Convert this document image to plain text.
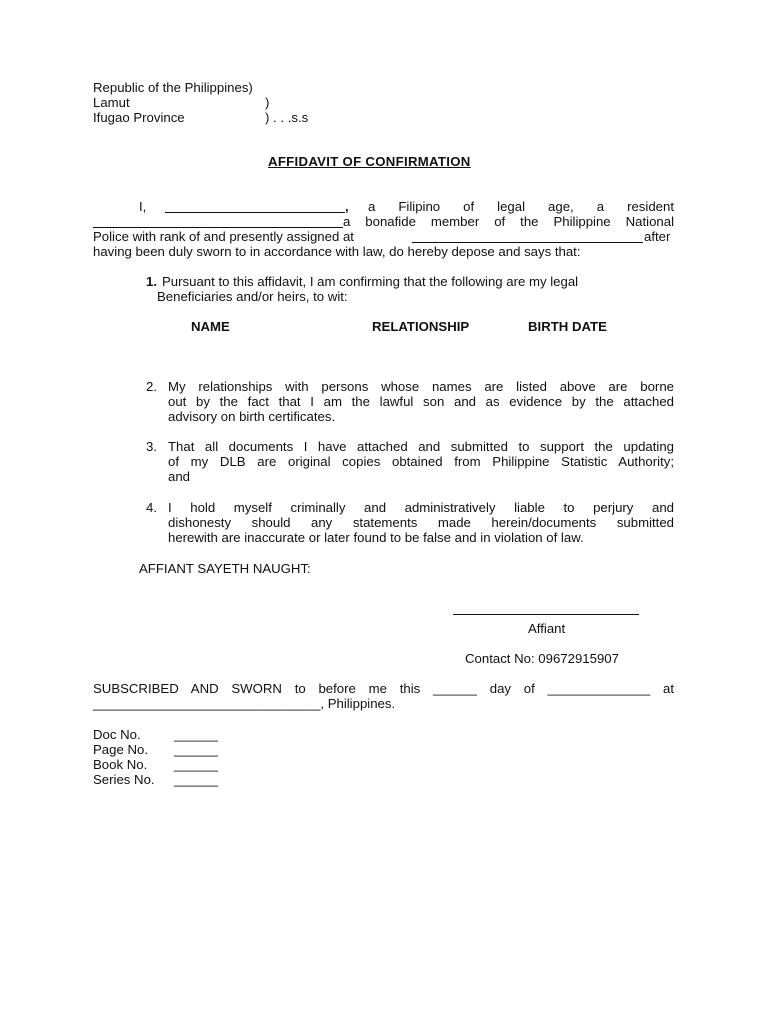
Republic of the Philippines)
Lamut	)
Ifugao Province	) . . .s.s
AFFIDAVIT OF CONFIRMATION
I,	, a Filipino of legal age, a resident
a bonafide member of the Philippine National
Police with rank of and presently assigned at	after
having been duly sworn to in accordance with law, do hereby depose and says that:
1. Pursuant to this affidavit, I am confirming that the following are my legal
Beneficiaries and/or heirs, to wit:
NAME	RELATIONSHIP	BIRTH DATE
2. My relationships with persons whose names are listed above are borne
out by the fact that I am the lawful son and as evidence by the attached
advisory on birth certificates.
3. That all documents I have attached and submitted to support the updating
of my DLB are original copies obtained from Philippine Statistic Authority;
and
4. I hold myself criminally and administratively liable to perjury and
dishonesty should any statements made herein/documents submitted
herewith are inaccurate or later found to be false and in violation of law.
AFFIANT SAYETH NAUGHT:
Affiant
Contact No: 09672915907
SUBSCRIBED AND SWORN to before me this ______ day of ______________ at
_______________________________, Philippines.
Doc No.	______
Page No. ______
Book No. ______
Series No. ______
